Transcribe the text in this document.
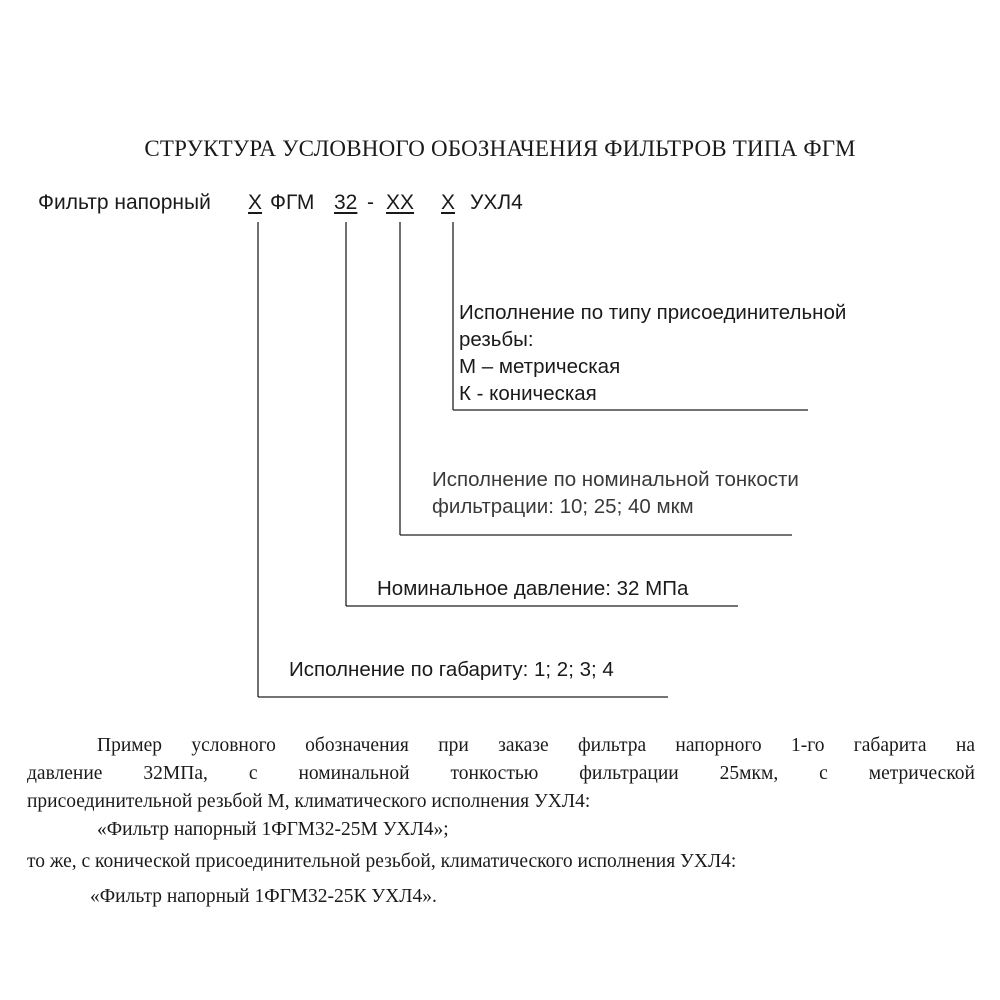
СТРУКТУРА УСЛОВНОГО ОБОЗНАЧЕНИЯ ФИЛЬТРОВ ТИПА ФГМ
Фильтр напорный Х ФГМ 32 - ХХ Х УХЛ4
Исполнение по типу присоединительной
резьбы:
М – метрическая
К - коническая
Исполнение по номинальной тонкости
фильтрации: 10; 25; 40 мкм
Номинальное давление: 32 МПа
Исполнение по габариту: 1; 2; 3; 4
Пример условного обозначения при заказе фильтра напорного 1-го габарита на
давление 32МПа, с номинальной тонкостью фильтрации 25мкм, с метрической
присоединительной резьбой М, климатического исполнения УХЛ4:
«Фильтр напорный 1ФГМ32-25М УХЛ4»;
то же, с конической присоединительной резьбой, климатического исполнения УХЛ4:
«Фильтр напорный 1ФГМ32-25К УХЛ4».
